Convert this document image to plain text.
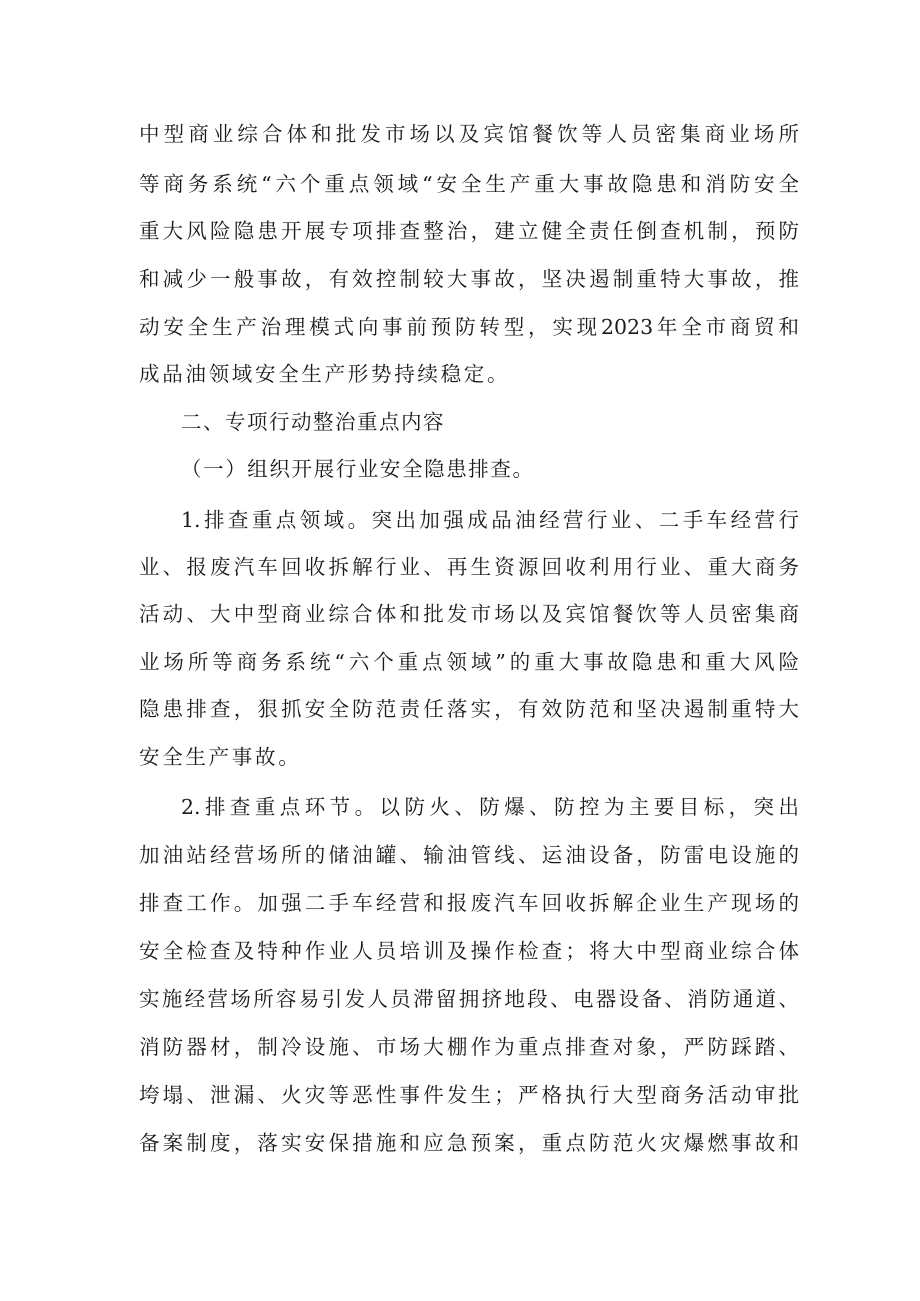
中型商业综合体和批发市场以及宾馆餐饮等人员密集商业场所
等商务系统“六个重点领域“安全生产重大事故隐患和消防安全
重大风险隐患开展专项排查整治，建立健全责任倒查机制，预防
和减少一般事故，有效控制较大事故，坚决遏制重特大事故，推
动安全生产治理模式向事前预防转型，实现2023年全市商贸和
成品油领域安全生产形势持续稳定。
二、专项行动整治重点内容
（一）组织开展行业安全隐患排查。
1.排查重点领域。突出加强成品油经营行业、二手车经营行
业、报废汽车回收拆解行业、再生资源回收利用行业、重大商务
活动、大中型商业综合体和批发市场以及宾馆餐饮等人员密集商
业场所等商务系统“六个重点领域”的重大事故隐患和重大风险
隐患排查，狠抓安全防范责任落实，有效防范和坚决遏制重特大
安全生产事故。
2.排查重点环节。以防火、防爆、防控为主要目标，突出
加油站经营场所的储油罐、输油管线、运油设备，防雷电设施的
排查工作。加强二手车经营和报废汽车回收拆解企业生产现场的
安全检查及特种作业人员培训及操作检查；将大中型商业综合体
实施经营场所容易引发人员滞留拥挤地段、电器设备、消防通道、
消防器材，制冷设施、市场大棚作为重点排查对象，严防踩踏、
垮塌、泄漏、火灾等恶性事件发生；严格执行大型商务活动审批
备案制度，落实安保措施和应急预案，重点防范火灾爆燃事故和
